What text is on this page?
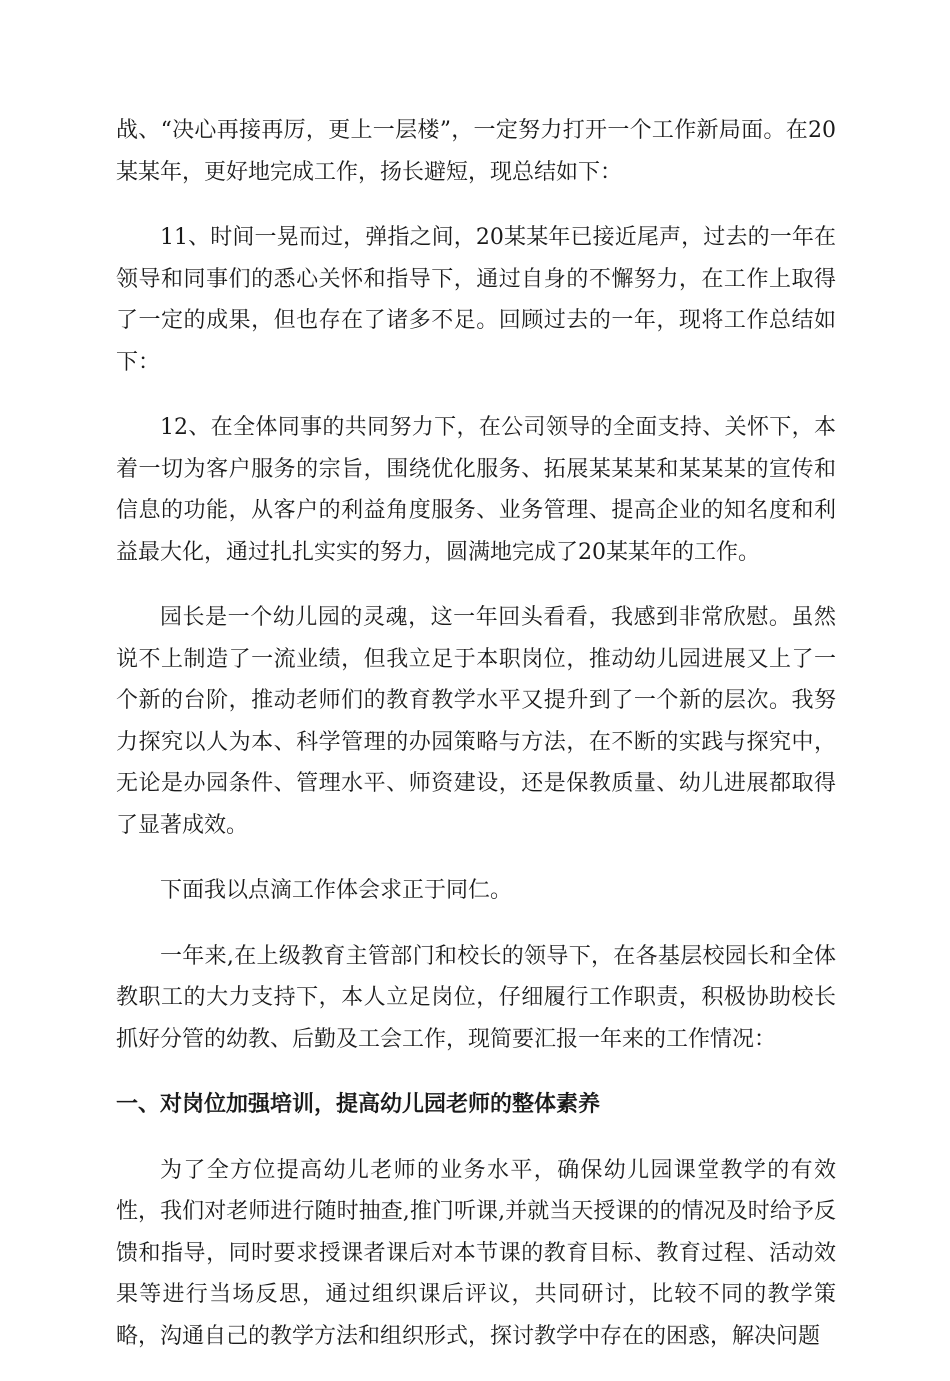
战、“决心再接再厉，更上一层楼”，一定努力打开一个工作新局面。在20某某年，更好地完成工作，扬长避短，现总结如下：

11、时间一晃而过，弹指之间，20某某年已接近尾声，过去的一年在领导和同事们的悉心关怀和指导下，通过自身的不懈努力，在工作上取得了一定的成果，但也存在了诸多不足。回顾过去的一年，现将工作总结如下：

12、在全体同事的共同努力下，在公司领导的全面支持、关怀下，本着一切为客户服务的宗旨，围绕优化服务、拓展某某某和某某某的宣传和信息的功能，从客户的利益角度服务、业务管理、提高企业的知名度和利益最大化，通过扎扎实实的努力，圆满地完成了20某某年的工作。

园长是一个幼儿园的灵魂，这一年回头看看，我感到非常欣慰。虽然说不上制造了一流业绩，但我立足于本职岗位，推动幼儿园进展又上了一个新的台阶，推动老师们的教育教学水平又提升到了一个新的层次。我努力探究以人为本、科学管理的办园策略与方法，在不断的实践与探究中，无论是办园条件、管理水平、师资建设，还是保教质量、幼儿进展都取得了显著成效。

下面我以点滴工作体会求正于同仁。

一年来,在上级教育主管部门和校长的领导下，在各基层校园长和全体教职工的大力支持下，本人立足岗位，仔细履行工作职责，积极协助校长抓好分管的幼教、后勤及工会工作，现简要汇报一年来的工作情况：

一、对岗位加强培训，提高幼儿园老师的整体素养

为了全方位提高幼儿老师的业务水平，确保幼儿园课堂教学的有效性，我们对老师进行随时抽查,推门听课,并就当天授课的的情况及时给予反馈和指导，同时要求授课者课后对本节课的教育目标、教育过程、活动效果等进行当场反思，通过组织课后评议，共同研讨，比较不同的教学策略，沟通自己的教学方法和组织形式，探讨教学中存在的困惑，解决问题
